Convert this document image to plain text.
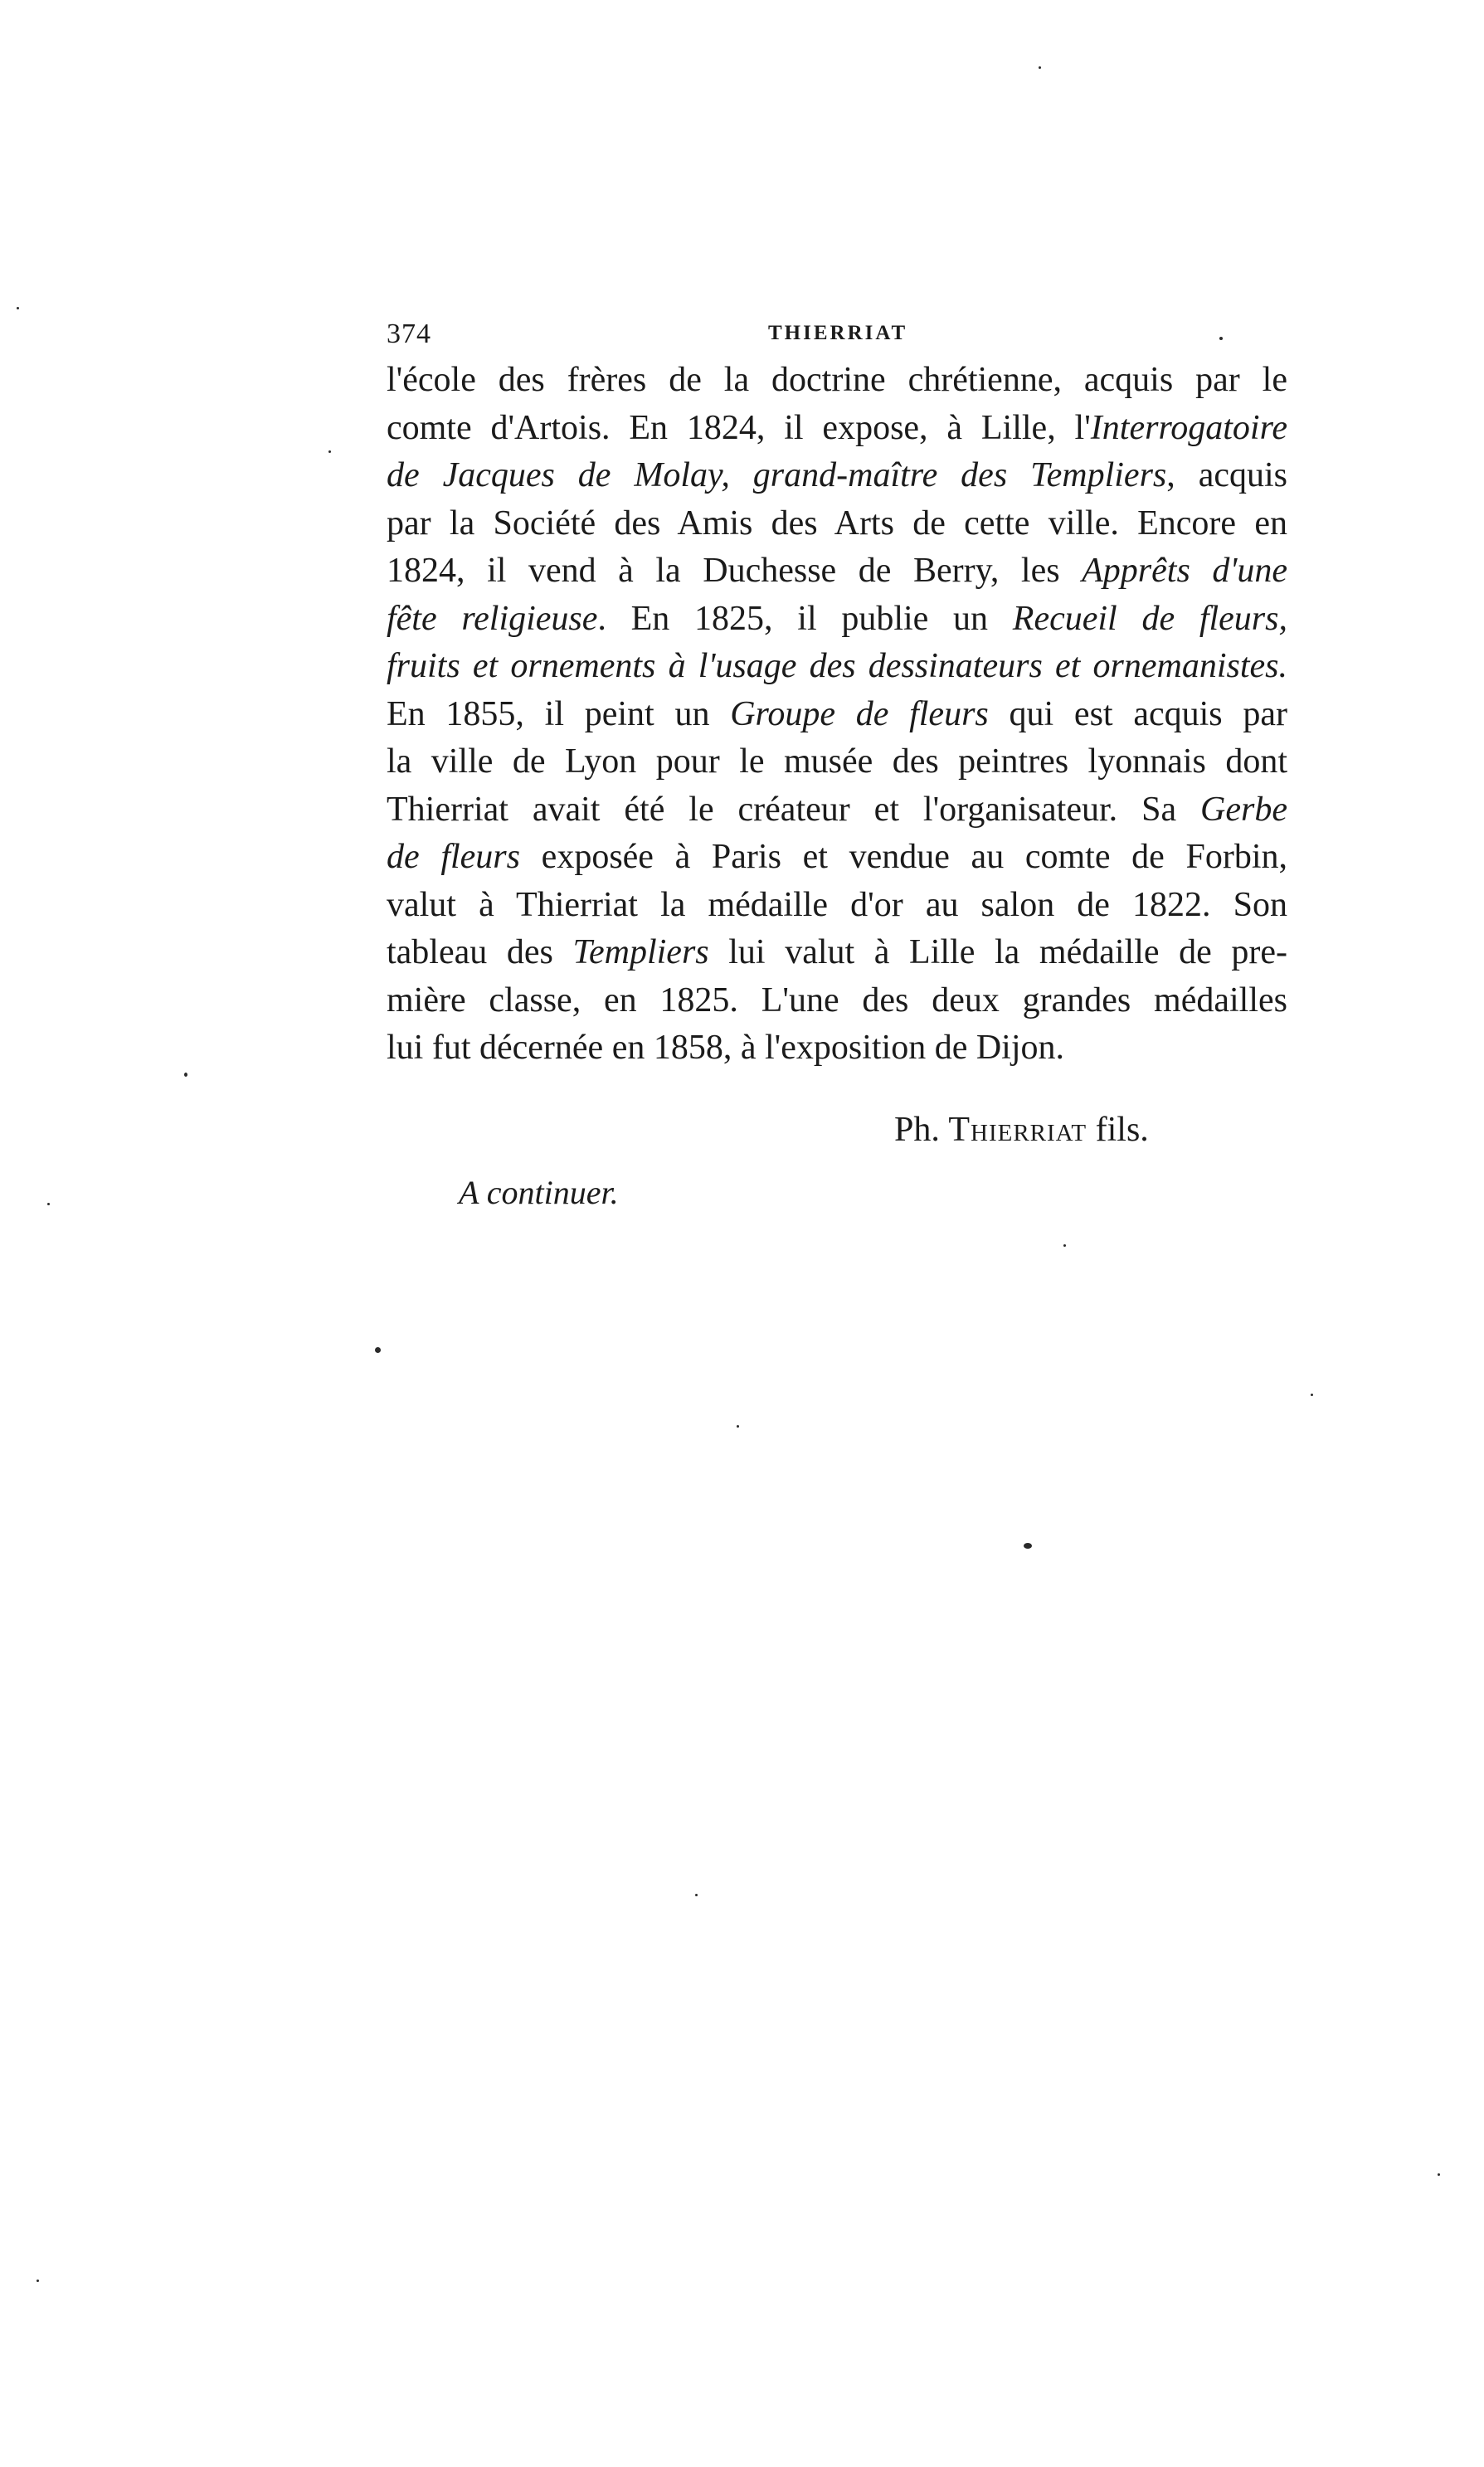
374	THIERRIAT
l'école des frères de la doctrine chrétienne, acquis par le
comte d'Artois. En 1824, il expose, à Lille, l'Interrogatoire
de Jacques de Molay, grand-maître des Templiers, acquis
par la Société des Amis des Arts de cette ville. Encore en
1824, il vend à la Duchesse de Berry, les Apprêts d'une
fête religieuse. En 1825, il publie un Recueil de fleurs,
fruits et ornements à l'usage des dessinateurs et ornemanistes.
En 1855, il peint un Groupe de fleurs qui est acquis par
la ville de Lyon pour le musée des peintres lyonnais dont
Thierriat avait été le créateur et l'organisateur. Sa Gerbe
de fleurs exposée à Paris et vendue au comte de Forbin,
valut à Thierriat la médaille d'or au salon de 1822. Son
tableau des Templiers lui valut à Lille la médaille de pre-
mière classe, en 1825. L'une des deux grandes médailles
lui fut décernée en 1858, à l'exposition de Dijon.
Ph. Thierriat fils.
A continuer.
